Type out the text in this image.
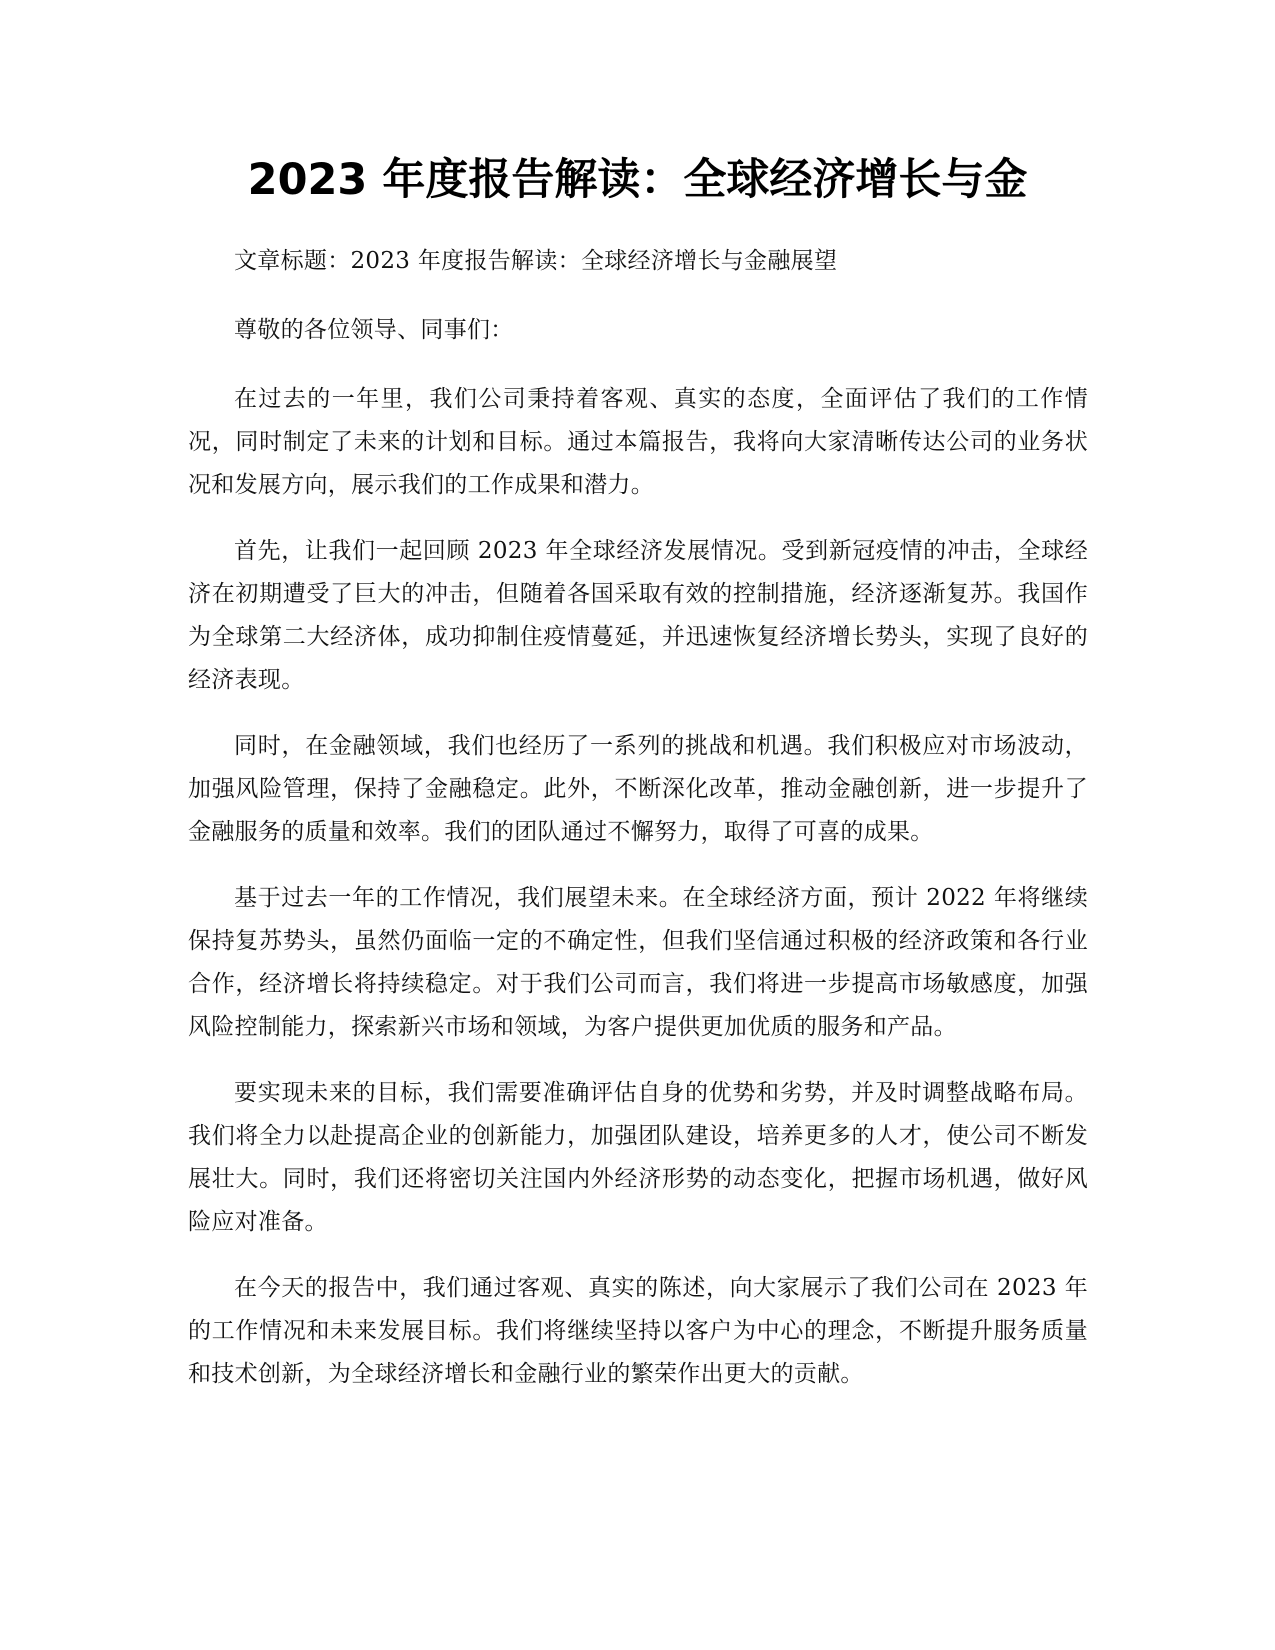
2023 年度报告解读：全球经济增长与金

文章标题：2023 年度报告解读：全球经济增长与金融展望

尊敬的各位领导、同事们：

在过去的一年里，我们公司秉持着客观、真实的态度，全面评估了我们的工作情况，同时制定了未来的计划和目标。通过本篇报告，我将向大家清晰传达公司的业务状况和发展方向，展示我们的工作成果和潜力。

首先，让我们一起回顾 2023 年全球经济发展情况。受到新冠疫情的冲击，全球经济在初期遭受了巨大的冲击，但随着各国采取有效的控制措施，经济逐渐复苏。我国作为全球第二大经济体，成功抑制住疫情蔓延，并迅速恢复经济增长势头，实现了良好的经济表现。

同时，在金融领域，我们也经历了一系列的挑战和机遇。我们积极应对市场波动，加强风险管理，保持了金融稳定。此外，不断深化改革，推动金融创新，进一步提升了金融服务的质量和效率。我们的团队通过不懈努力，取得了可喜的成果。

基于过去一年的工作情况，我们展望未来。在全球经济方面，预计 2022 年将继续保持复苏势头，虽然仍面临一定的不确定性，但我们坚信通过积极的经济政策和各行业合作，经济增长将持续稳定。对于我们公司而言，我们将进一步提高市场敏感度，加强风险控制能力，探索新兴市场和领域，为客户提供更加优质的服务和产品。

要实现未来的目标，我们需要准确评估自身的优势和劣势，并及时调整战略布局。我们将全力以赴提高企业的创新能力，加强团队建设，培养更多的人才，使公司不断发展壮大。同时，我们还将密切关注国内外经济形势的动态变化，把握市场机遇，做好风险应对准备。

在今天的报告中，我们通过客观、真实的陈述，向大家展示了我们公司在 2023 年的工作情况和未来发展目标。我们将继续坚持以客户为中心的理念，不断提升服务质量和技术创新，为全球经济增长和金融行业的繁荣作出更大的贡献。
